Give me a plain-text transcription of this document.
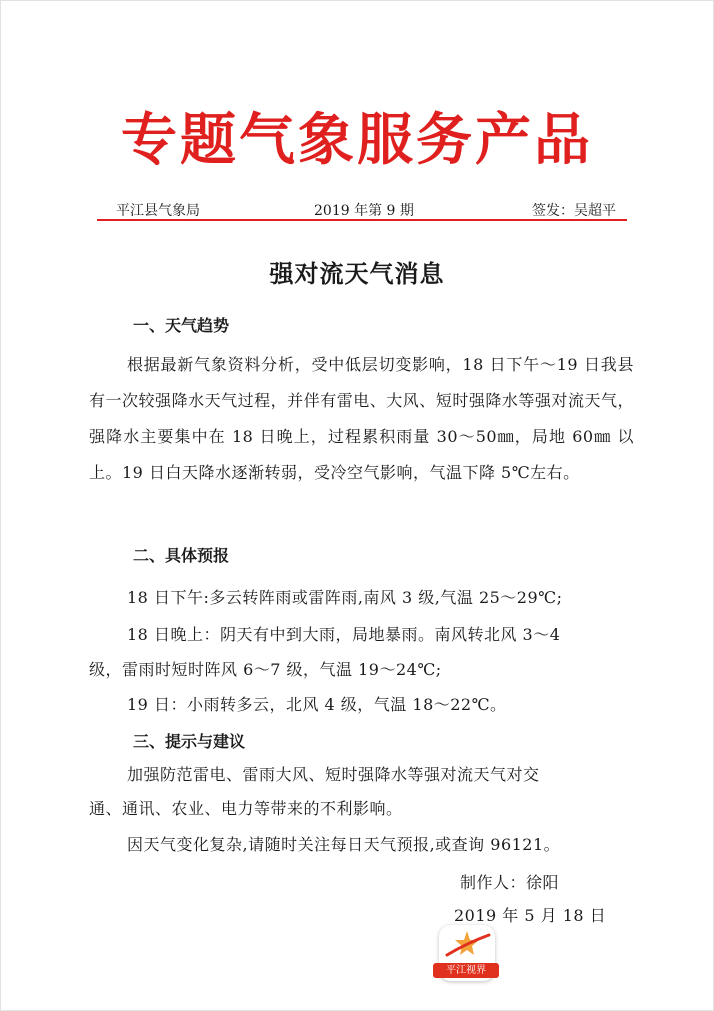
专题气象服务产品
平江县气象局	2019 年第 9 期	签发：吴超平
强对流天气消息
一、天气趋势
根据最新气象资料分析，受中低层切变影响，18 日下午～19 日我县有一次较强降水天气过程，并伴有雷电、大风、短时强降水等强对流天气，强降水主要集中在 18 日晚上，过程累积雨量 30～50㎜，局地 60㎜ 以上。19 日白天降水逐渐转弱，受冷空气影响，气温下降 5℃左右。
二、具体预报
18 日下午:多云转阵雨或雷阵雨,南风 3 级,气温 25～29℃;
18 日晚上：阴天有中到大雨，局地暴雨。南风转北风 3～4
级，雷雨时短时阵风 6～7 级，气温 19～24℃;
19 日：小雨转多云，北风 4 级，气温 18～22℃。
三、提示与建议
加强防范雷电、雷雨大风、短时强降水等强对流天气对交
通、通讯、农业、电力等带来的不利影响。
因天气变化复杂,请随时关注每日天气预报,或查询 96121。
制作人：徐阳
2019 年 5 月 18 日
平江视界
